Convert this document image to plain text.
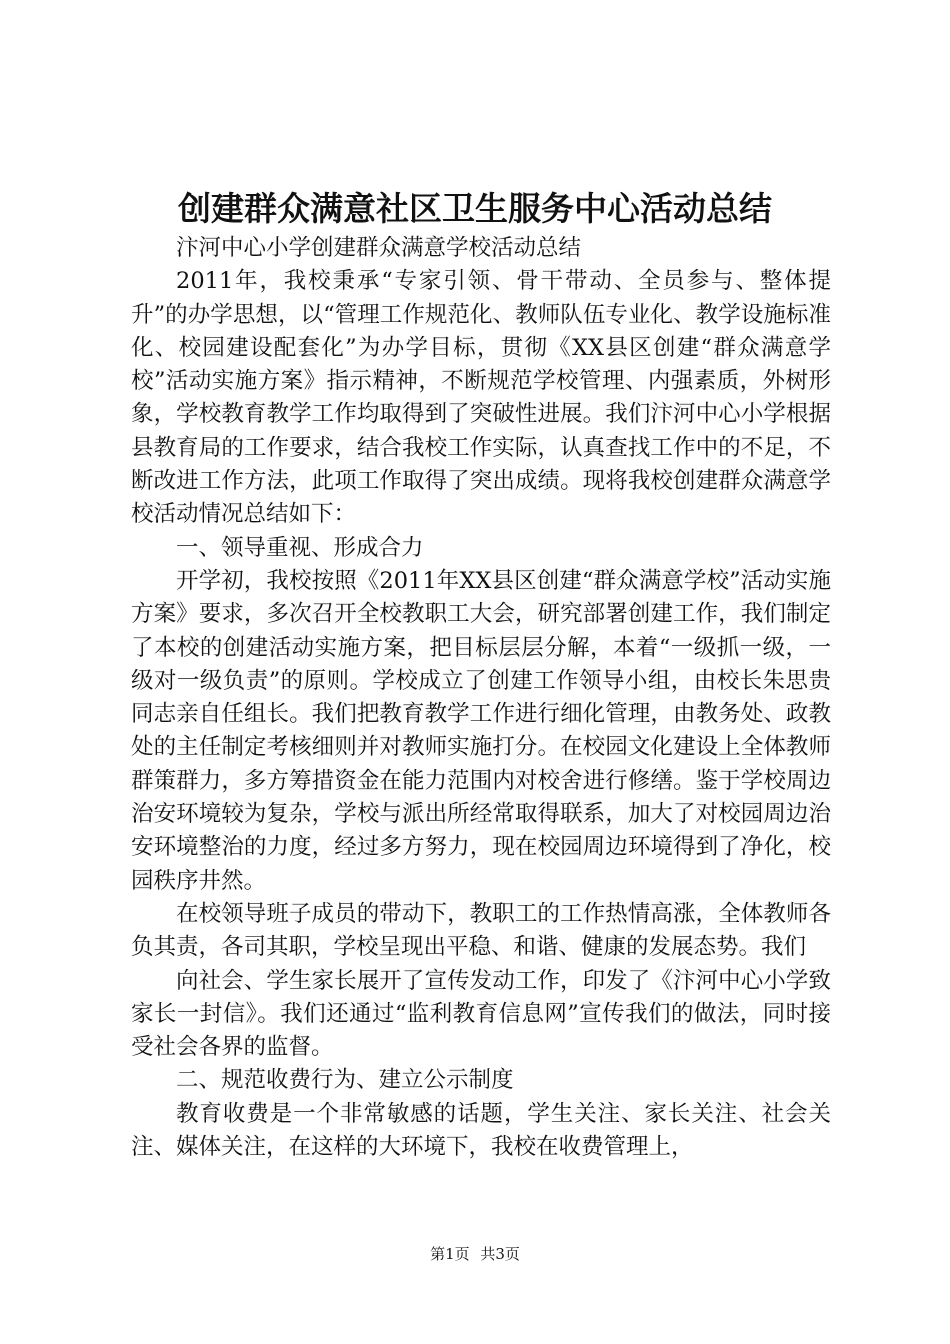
创建群众满意社区卫生服务中心活动总结

汴河中心小学创建群众满意学校活动总结

2011年，我校秉承“专家引领、骨干带动、全员参与、整体提升”的办学思想，以“管理工作规范化、教师队伍专业化、教学设施标准化、校园建设配套化”为办学目标，贯彻《XX县区创建“群众满意学校”活动实施方案》指示精神，不断规范学校管理、内强素质，外树形象，学校教育教学工作均取得到了突破性进展。我们汴河中心小学根据县教育局的工作要求，结合我校工作实际，认真查找工作中的不足，不断改进工作方法，此项工作取得了突出成绩。现将我校创建群众满意学校活动情况总结如下：

一、领导重视、形成合力

开学初，我校按照《2011年XX县区创建“群众满意学校”活动实施方案》要求，多次召开全校教职工大会，研究部署创建工作，我们制定了本校的创建活动实施方案，把目标层层分解，本着“一级抓一级，一级对一级负责”的原则。学校成立了创建工作领导小组，由校长朱思贵同志亲自任组长。我们把教育教学工作进行细化管理，由教务处、政教处的主任制定考核细则并对教师实施打分。在校园文化建设上全体教师群策群力，多方筹措资金在能力范围内对校舍进行修缮。鉴于学校周边治安环境较为复杂，学校与派出所经常取得联系，加大了对校园周边治安环境整治的力度，经过多方努力，现在校园周边环境得到了净化，校园秩序井然。

在校领导班子成员的带动下，教职工的工作热情高涨，全体教师各负其责，各司其职，学校呈现出平稳、和谐、健康的发展态势。我们

向社会、学生家长展开了宣传发动工作，印发了《汴河中心小学致家长一封信》。我们还通过“监利教育信息网”宣传我们的做法，同时接受社会各界的监督。

二、规范收费行为、建立公示制度

教育收费是一个非常敏感的话题，学生关注、家长关注、社会关注、媒体关注，在这样的大环境下，我校在收费管理上，

第1页 共3页
